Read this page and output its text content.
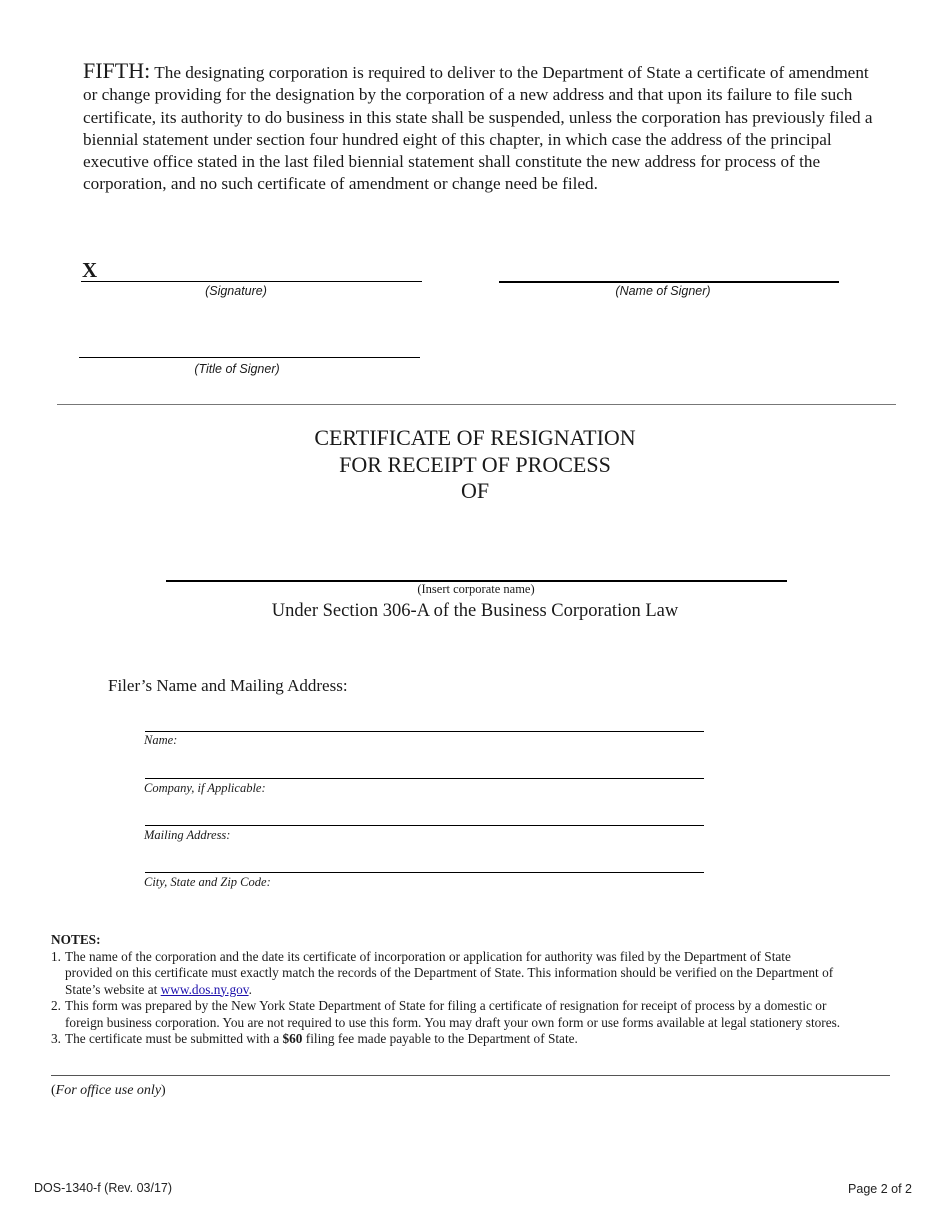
FIFTH: The designating corporation is required to deliver to the Department of State a certificate of amendment or change providing for the designation by the corporation of a new address and that upon its failure to file such certificate, its authority to do business in this state shall be suspended, unless the corporation has previously filed a biennial statement under section four hundred eight of this chapter, in which case the address of the principal executive office stated in the last filed biennial statement shall constitute the new address for process of the corporation, and no such certificate of amendment or change need be filed.

X
(Signature)	(Name of Signer)
(Title of Signer)
CERTIFICATE OF RESIGNATION
FOR RECEIPT OF PROCESS
OF
(Insert corporate name)
Under Section 306-A of the Business Corporation Law
Filer’s Name and Mailing Address:
Name:
Company, if Applicable:
Mailing Address:
City, State and Zip Code:
NOTES:
1. The name of the corporation and the date its certificate of incorporation or application for authority was filed by the Department of State provided on this certificate must exactly match the records of the Department of State. This information should be verified on the Department of State’s website at www.dos.ny.gov.
2. This form was prepared by the New York State Department of State for filing a certificate of resignation for receipt of process by a domestic or foreign business corporation. You are not required to use this form. You may draft your own form or use forms available at legal stationery stores.
3. The certificate must be submitted with a $60 filing fee made payable to the Department of State.
(For office use only)
DOS-1340-f (Rev. 03/17)	Page 2 of 2
